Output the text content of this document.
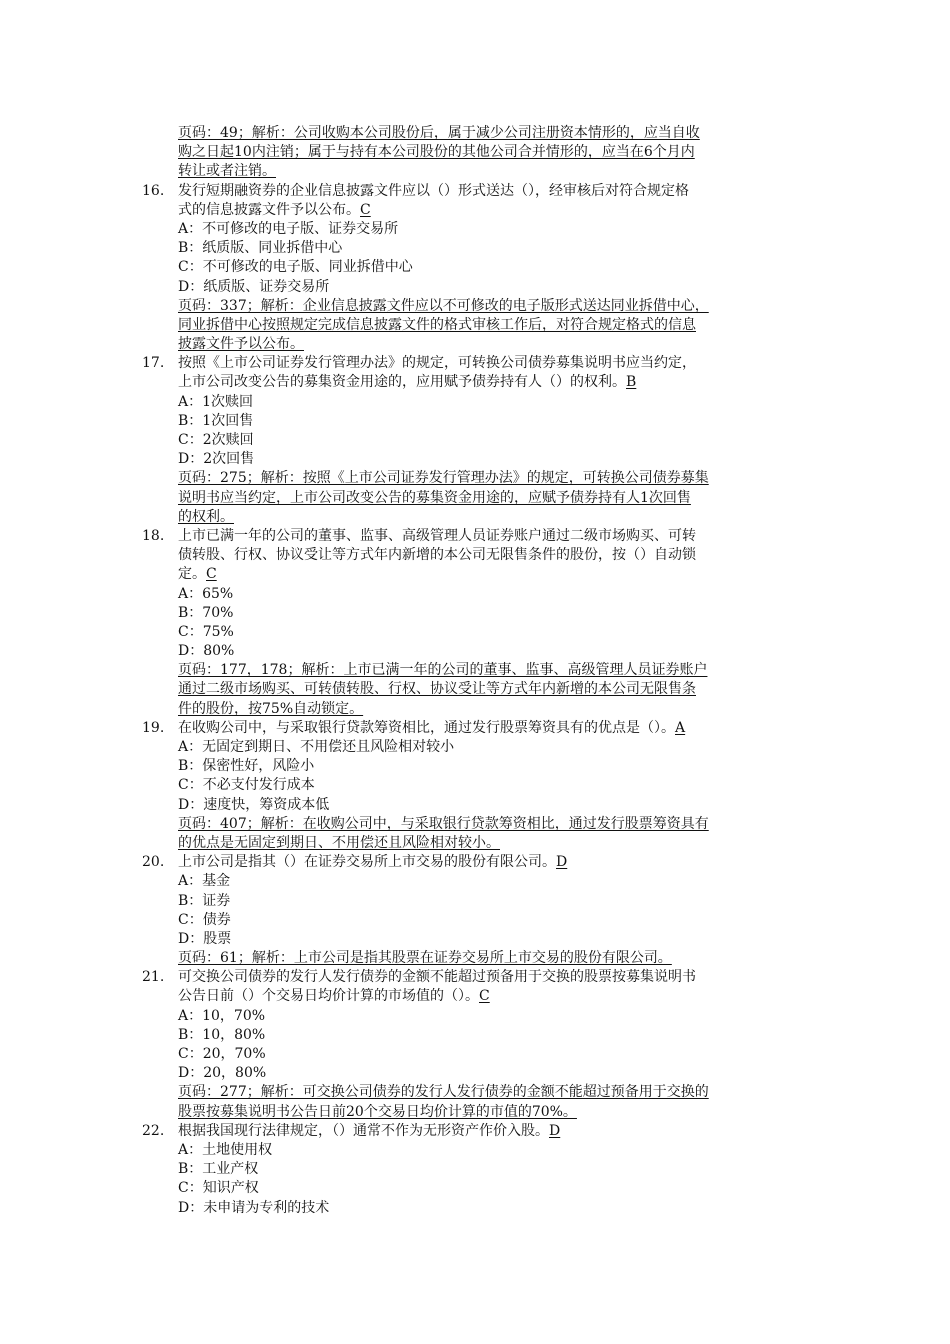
页码：49；解析：公司收购本公司股份后，属于减少公司注册资本情形的，应当自收
购之日起10内注销；属于与持有本公司股份的其他公司合并情形的，应当在6个月内
转让或者注销。
16. 发行短期融资券的企业信息披露文件应以（）形式送达（），经审核后对符合规定格
式的信息披露文件予以公布。C
A：不可修改的电子版、证券交易所
B：纸质版、同业拆借中心
C：不可修改的电子版、同业拆借中心
D：纸质版、证券交易所
页码：337；解析：企业信息披露文件应以不可修改的电子版形式送达同业拆借中心，
同业拆借中心按照规定完成信息披露文件的格式审核工作后，对符合规定格式的信息
披露文件予以公布。
17. 按照《上市公司证券发行管理办法》的规定，可转换公司债券募集说明书应当约定，
上市公司改变公告的募集资金用途的，应用赋予债券持有人（）的权利。B
A：1次赎回
B：1次回售
C：2次赎回
D：2次回售
页码：275；解析：按照《上市公司证券发行管理办法》的规定，可转换公司债券募集
说明书应当约定，上市公司改变公告的募集资金用途的，应赋予债券持有人1次回售
的权利。
18. 上市已满一年的公司的董事、监事、高级管理人员证券账户通过二级市场购买、可转
债转股、行权、协议受让等方式年内新增的本公司无限售条件的股份，按（）自动锁
定。C
A：65%
B：70%
C：75%
D：80%
页码：177，178；解析：上市已满一年的公司的董事、监事、高级管理人员证券账户
通过二级市场购买、可转债转股、行权、协议受让等方式年内新增的本公司无限售条
件的股份，按75%自动锁定。
19. 在收购公司中，与采取银行贷款筹资相比，通过发行股票筹资具有的优点是（）。A
A：无固定到期日、不用偿还且风险相对较小
B：保密性好，风险小
C：不必支付发行成本
D：速度快，筹资成本低
页码：407；解析：在收购公司中，与采取银行贷款筹资相比，通过发行股票筹资具有
的优点是无固定到期日、不用偿还且风险相对较小。
20. 上市公司是指其（）在证券交易所上市交易的股份有限公司。D
A：基金
B：证券
C：债券
D：股票
页码：61；解析：上市公司是指其股票在证券交易所上市交易的股份有限公司。
21. 可交换公司债券的发行人发行债券的金额不能超过预备用于交换的股票按募集说明书
公告日前（）个交易日均价计算的市场值的（）。C
A：10，70%
B：10，80%
C：20，70%
D：20，80%
页码：277；解析：可交换公司债券的发行人发行债券的金额不能超过预备用于交换的
股票按募集说明书公告日前20个交易日均价计算的市值的70%。
22. 根据我国现行法律规定，（）通常不作为无形资产作价入股。D
A：土地使用权
B：工业产权
C：知识产权
D：未申请为专利的技术
